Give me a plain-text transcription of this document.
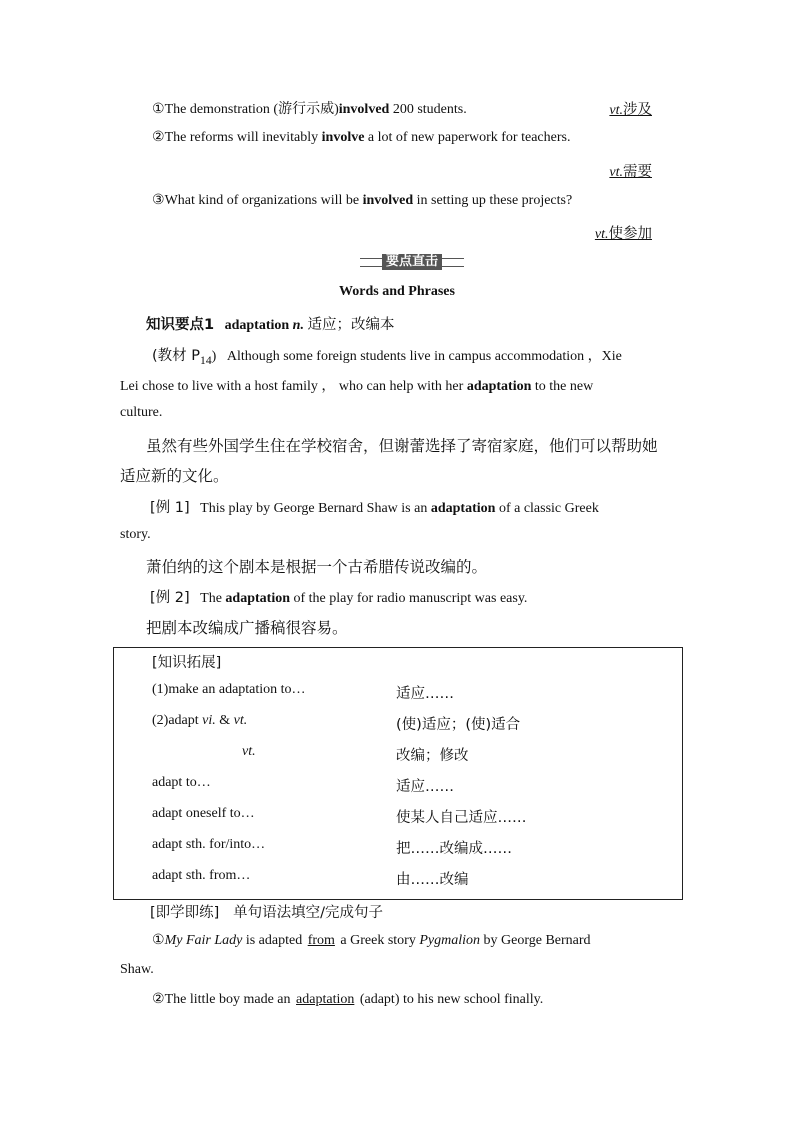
①The demonstration (游行示威)involved 200 students.	vt.涉及
②The reforms will inevitably involve a lot of new paperwork for teachers.
vt.需要
③What kind of organizations will be involved in setting up these projects?
vt.使参加
要点直击
Words and Phrases
知识要点1 adaptation n. 适应；改编本
(教材 $P_{14}$) Although some foreign students live in campus accommodation ，Xie
Lei chose to live with a host family ， who can help with her adaptation to the new
culture.
虽然有些外国学生住在学校宿舍，但谢蕾选择了寄宿家庭，他们可以帮助她
适应新的文化。
[例 1] This play by George Bernard Shaw is an adaptation of a classic Greek
story.
萧伯纳的这个剧本是根据一个古希腊传说改编的。
[例 2] The adaptation of the play for radio manuscript was easy.
把剧本改编成广播稿很容易。
[知识拓展]
(1)make an adaptation to…	适应……
(2)adapt vi. & vt.	(使)适应；(使)适合
vt.	改编；修改
adapt to…	适应……
adapt oneself to…	使某人自己适应……
adapt sth. for/into…	把……改编成……
adapt sth. from…	由……改编
[即学即练] 单句语法填空/完成句子
①My Fair Lady is adapted from a Greek story Pygmalion by George Bernard
Shaw.
②The little boy made an adaptation (adapt) to his new school finally.
